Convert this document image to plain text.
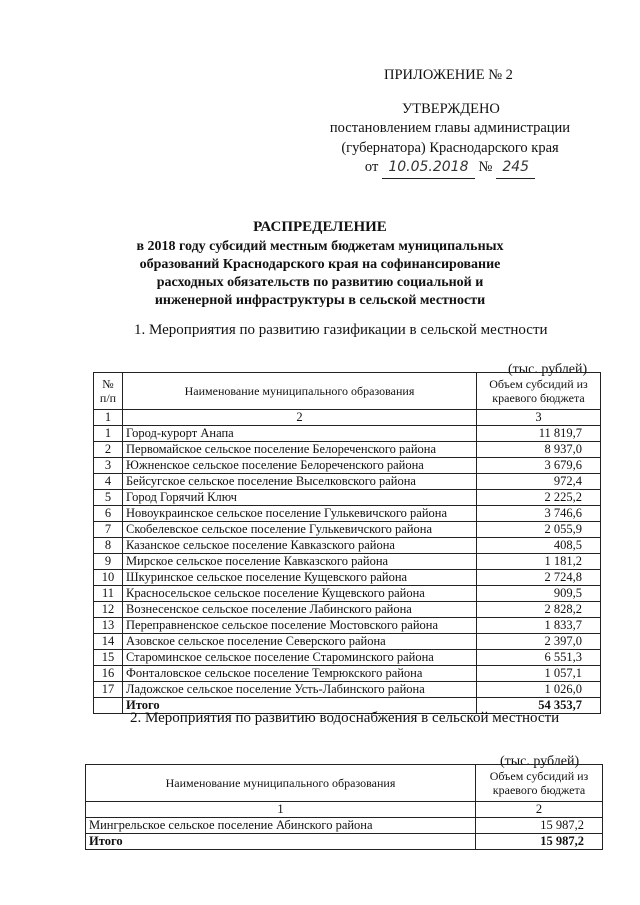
ПРИЛОЖЕНИЕ № 2
УТВЕРЖДЕНО
постановлением главы администрации
(губернатора) Краснодарского края
от 10.05.2018 № 245
РАСПРЕДЕЛЕНИЕ
в 2018 году субсидий местным бюджетам муниципальных
образований Краснодарского края на софинансирование
расходных обязательств по развитию социальной и
инженерной инфраструктуры в сельской местности
1. Мероприятия по развитию газификации в сельской местности
(тыс. рублей)
№ п/п	Наименование муниципального образования	Объем субсидий из краевого бюджета
1	2	3
1	Город-курорт Анапа	11 819,7
2	Первомайское сельское поселение Белореченского района	8 937,0
3	Южненское сельское поселение Белореченского района	3 679,6
4	Бейсугское сельское поселение Выселковского района	972,4
5	Город Горячий Ключ	2 225,2
6	Новоукраинское сельское поселение Гулькевичского района	3 746,6
7	Скобелевское сельское поселение Гулькевичского района	2 055,9
8	Казанское сельское поселение Кавказского района	408,5
9	Мирское сельское поселение Кавказского района	1 181,2
10	Шкуринское сельское поселение Кущевского района	2 724,8
11	Красносельское сельское поселение Кущевского района	909,5
12	Вознесенское сельское поселение Лабинского района	2 828,2
13	Переправненское сельское поселение Мостовского района	1 833,7
14	Азовское сельское поселение Северского района	2 397,0
15	Староминское сельское поселение Староминского района	6 551,3
16	Фонталовское сельское поселение Темрюкского района	1 057,1
17	Ладожское сельское поселение Усть-Лабинского района	1 026,0
	Итого	54 353,7
2. Мероприятия по развитию водоснабжения в сельской местности
(тыс. рублей)
Наименование муниципального образования	Объем субсидий из краевого бюджета
1	2
Мингрельское сельское поселение Абинского района	15 987,2
Итого	15 987,2
